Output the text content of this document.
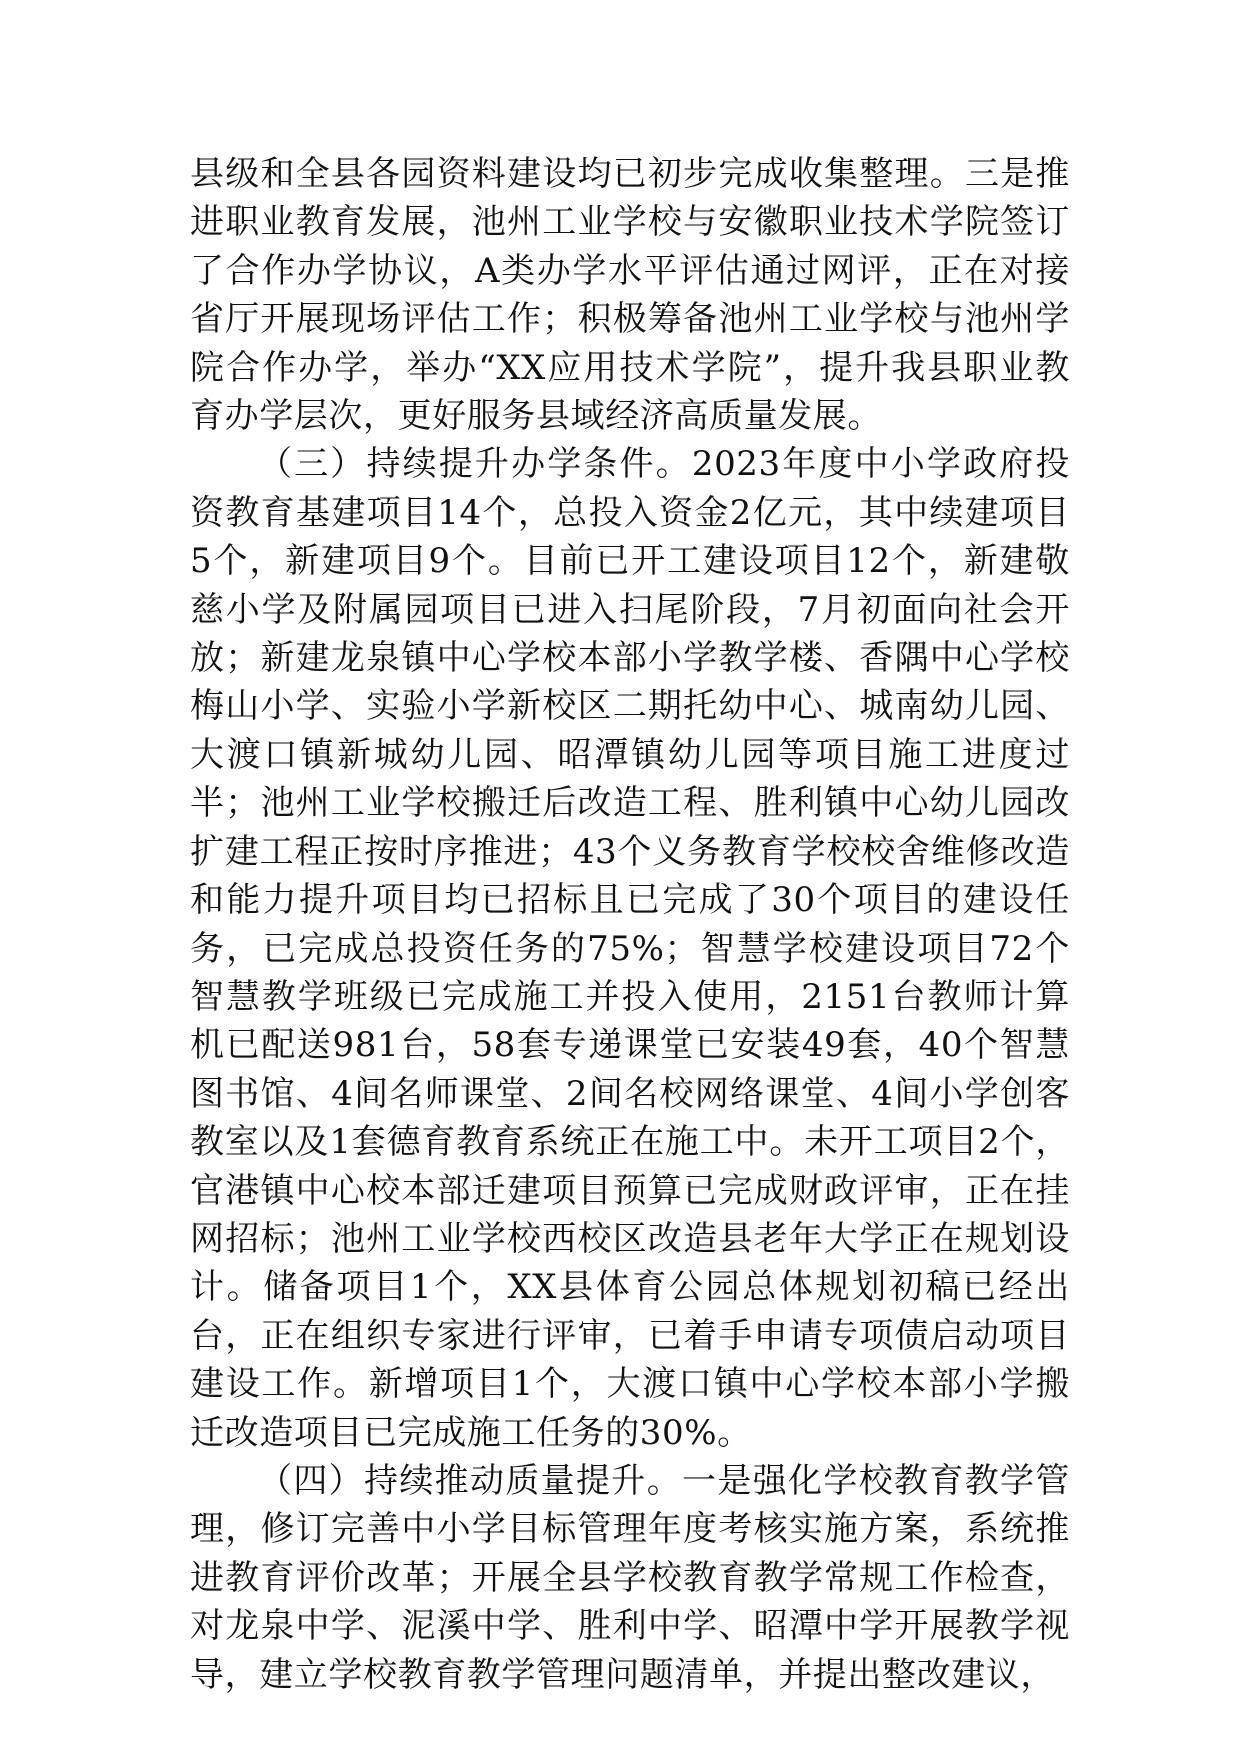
县级和全县各园资料建设均已初步完成收集整理。三是推进职业教育发展，池州工业学校与安徽职业技术学院签订了合作办学协议，A类办学水平评估通过网评，正在对接省厅开展现场评估工作；积极筹备池州工业学校与池州学院合作办学，举办“XX应用技术学院”，提升我县职业教育办学层次，更好服务县域经济高质量发展。

（三）持续提升办学条件。2023年度中小学政府投资教育基建项目14个，总投入资金2亿元，其中续建项目5个，新建项目9个。目前已开工建设项目12个，新建敬慈小学及附属园项目已进入扫尾阶段，7月初面向社会开放；新建龙泉镇中心学校本部小学教学楼、香隅中心学校梅山小学、实验小学新校区二期托幼中心、城南幼儿园、大渡口镇新城幼儿园、昭潭镇幼儿园等项目施工进度过半；池州工业学校搬迁后改造工程、胜利镇中心幼儿园改扩建工程正按时序推进；43个义务教育学校校舍维修改造和能力提升项目均已招标且已完成了30个项目的建设任务，已完成总投资任务的75%；智慧学校建设项目72个智慧教学班级已完成施工并投入使用，2151台教师计算机已配送981台，58套专递课堂已安装49套，40个智慧图书馆、4间名师课堂、2间名校网络课堂、4间小学创客教室以及1套德育教育系统正在施工中。未开工项目2个，官港镇中心校本部迁建项目预算已完成财政评审，正在挂网招标；池州工业学校西校区改造县老年大学正在规划设计。储备项目1个，XX县体育公园总体规划初稿已经出台，正在组织专家进行评审，已着手申请专项债启动项目建设工作。新增项目1个，大渡口镇中心学校本部小学搬迁改造项目已完成施工任务的30%。

（四）持续推动质量提升。一是强化学校教育教学管理，修订完善中小学目标管理年度考核实施方案，系统推进教育评价改革；开展全县学校教育教学常规工作检查，对龙泉中学、泥溪中学、胜利中学、昭潭中学开展教学视导，建立学校教育教学管理问题清单，并提出整改建议，
